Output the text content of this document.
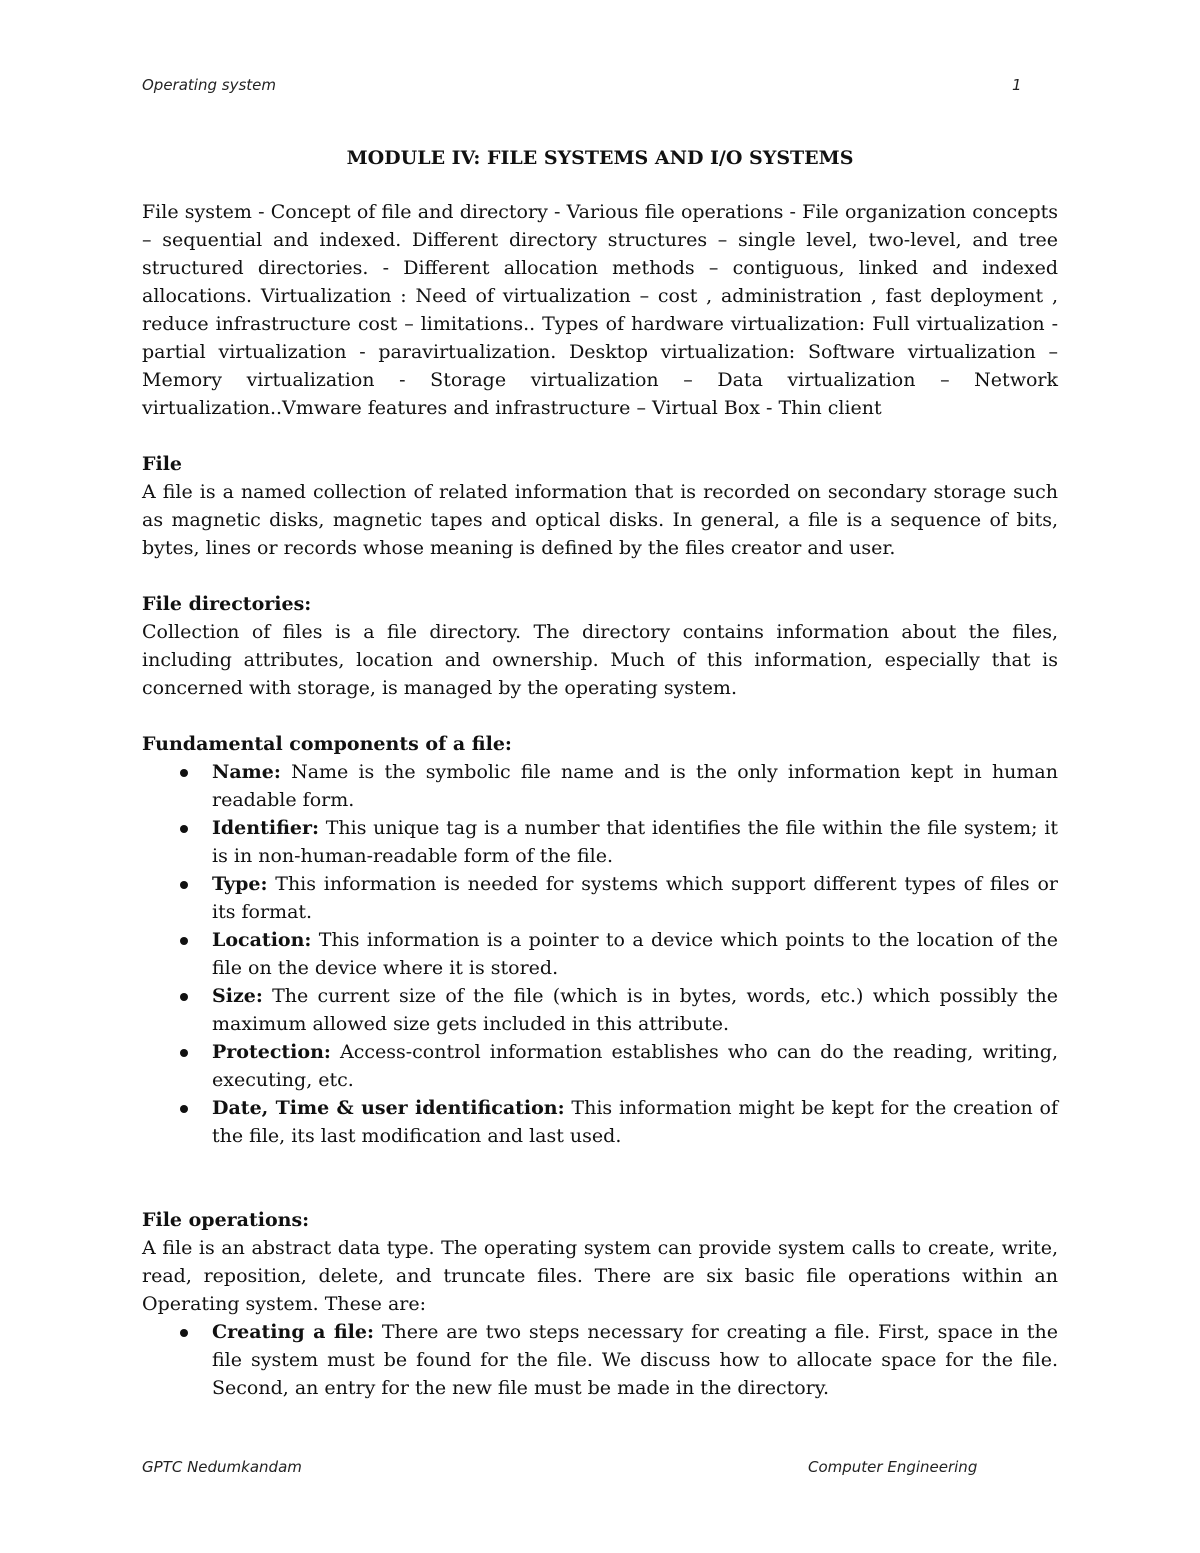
Operating system	1
MODULE IV: FILE SYSTEMS AND I/O SYSTEMS
File system - Concept of file and directory - Various file operations - File organization concepts – sequential and indexed. Different directory structures – single level, two-level, and tree structured directories. - Different allocation methods – contiguous, linked and indexed allocations. Virtualization : Need of virtualization – cost , administration , fast deployment , reduce infrastructure cost – limitations.. Types of hardware virtualization: Full virtualization - partial virtualization - paravirtualization. Desktop virtualization: Software virtualization – Memory virtualization - Storage virtualization – Data virtualization – Network virtualization..Vmware features and infrastructure – Virtual Box - Thin client
File
A file is a named collection of related information that is recorded on secondary storage such as magnetic disks, magnetic tapes and optical disks. In general, a file is a sequence of bits, bytes, lines or records whose meaning is defined by the files creator and user.
File directories:
Collection of files is a file directory. The directory contains information about the files, including attributes, location and ownership. Much of this information, especially that is concerned with storage, is managed by the operating system.
Fundamental components of a file:
Name: Name is the symbolic file name and is the only information kept in human readable form.
Identifier: This unique tag is a number that identifies the file within the file system; it is in non-human-readable form of the file.
Type: This information is needed for systems which support different types of files or its format.
Location: This information is a pointer to a device which points to the location of the file on the device where it is stored.
Size: The current size of the file (which is in bytes, words, etc.) which possibly the maximum allowed size gets included in this attribute.
Protection: Access-control information establishes who can do the reading, writing, executing, etc.
Date, Time & user identification: This information might be kept for the creation of the file, its last modification and last used.
File operations:
A file is an abstract data type. The operating system can provide system calls to create, write, read, reposition, delete, and truncate files. There are six basic file operations within an Operating system. These are:
Creating a file: There are two steps necessary for creating a file. First, space in the file system must be found for the file. We discuss how to allocate space for the file. Second, an entry for the new file must be made in the directory.
GPTC Nedumkandam	Computer Engineering
